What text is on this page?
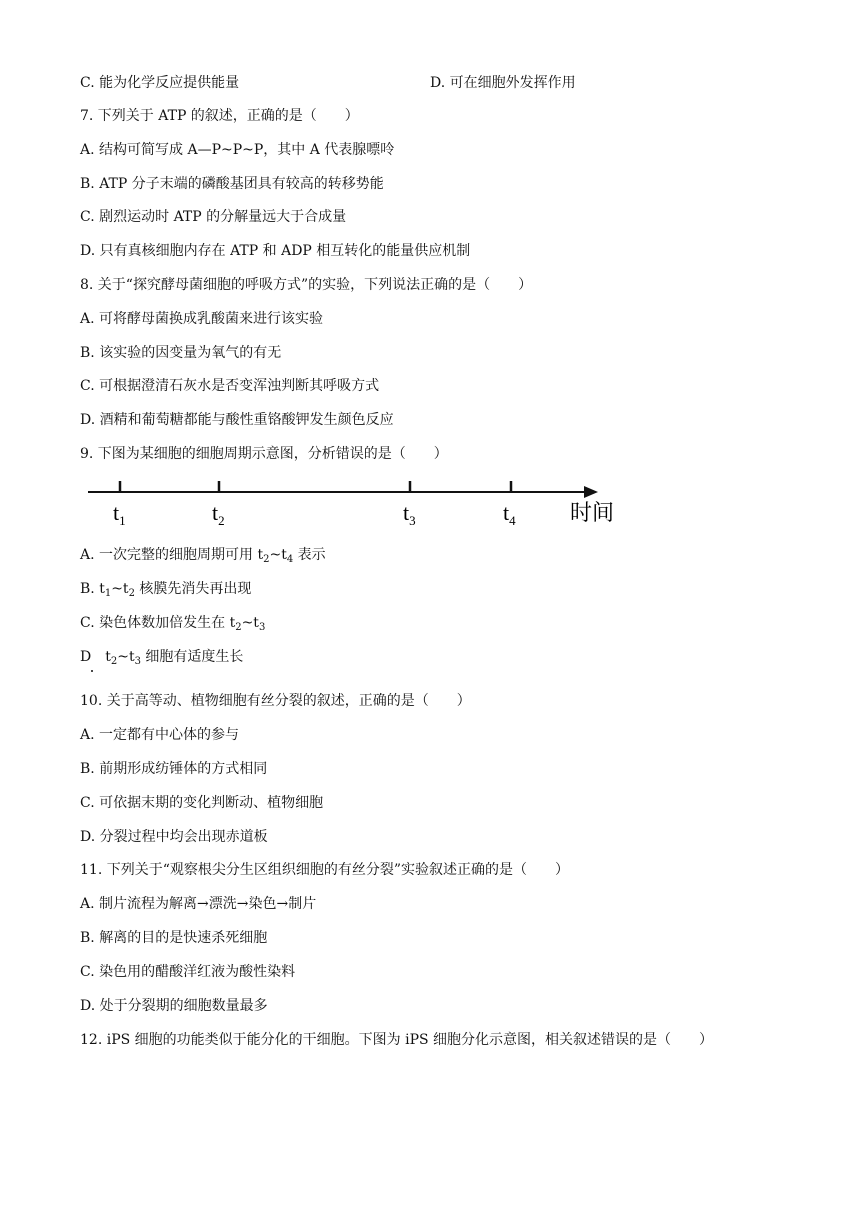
C. 能为化学反应提供能量	D. 可在细胞外发挥作用
7. 下列关于 ATP 的叙述，正确的是（　　）
A. 结构可简写成 A—P~P~P，其中 A 代表腺嘌呤
B. ATP 分子末端的磷酸基团具有较高的转移势能
C. 剧烈运动时 ATP 的分解量远大于合成量
D. 只有真核细胞内存在 ATP 和 ADP 相互转化的能量供应机制
8. 关于“探究酵母菌细胞的呼吸方式”的实验，下列说法正确的是（　　）
A. 可将酵母菌换成乳酸菌来进行该实验
B. 该实验的因变量为氧气的有无
C. 可根据澄清石灰水是否变浑浊判断其呼吸方式
D. 酒精和葡萄糖都能与酸性重铬酸钾发生颜色反应
9. 下图为某细胞的细胞周期示意图，分析错误的是（　　）
$t_1$	$t_2$	$t_3$	$t_4$ 时间
A. 一次完整的细胞周期可用 $t_2\sim t_4$ 表示
B. $t_1\sim t_2$ 核膜先消失再出现
C. 染色体数加倍发生在 $t_2\sim t_3$
D　$t_2\sim t_3$ 细胞有适度生长
10. 关于高等动、植物细胞有丝分裂的叙述，正确的是（　　）
A. 一定都有中心体的参与
B. 前期形成纺锤体的方式相同
C. 可依据末期的变化判断动、植物细胞
D. 分裂过程中均会出现赤道板
11. 下列关于“观察根尖分生区组织细胞的有丝分裂”实验叙述正确的是（　　）
A. 制片流程为解离→漂洗→染色→制片
B. 解离的目的是快速杀死细胞
C. 染色用的醋酸洋红液为酸性染料
D. 处于分裂期的细胞数量最多
12. iPS 细胞的功能类似于能分化的干细胞。下图为 iPS 细胞分化示意图，相关叙述错误的是（　　）
